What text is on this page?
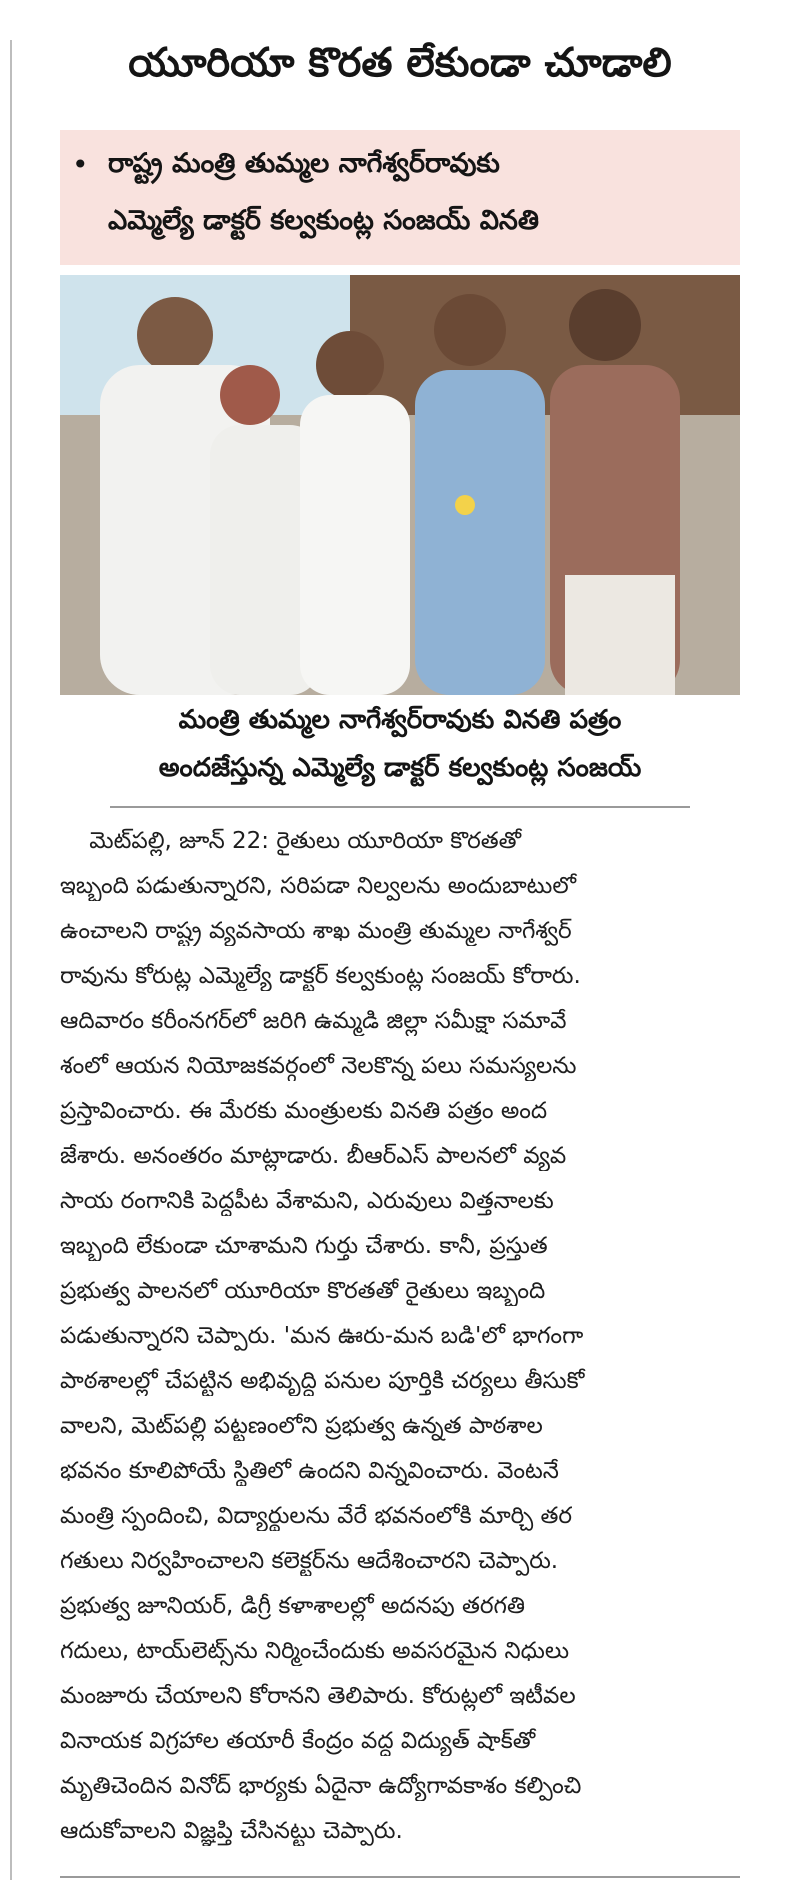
యూరియా కొరత లేకుండా చూడాలి
• రాష్ట్ర మంత్రి తుమ్మల నాగేశ్వర్‌రావుకు
ఎమ్మెల్యే డాక్టర్ కల్వకుంట్ల సంజయ్ వినతి
మంత్రి తుమ్మల నాగేశ్వర్‌రావుకు వినతి పత్రం
అందజేస్తున్న ఎమ్మెల్యే డాక్టర్ కల్వకుంట్ల సంజయ్
మెట్‌పల్లి, జూన్ 22: రైతులు యూరియా కొరతతో
ఇబ్బంది పడుతున్నారని, సరిపడా నిల్వలను అందుబాటులో
ఉంచాలని రాష్ట్ర వ్యవసాయ శాఖ మంత్రి తుమ్మల నాగేశ్వర్
రావును కోరుట్ల ఎమ్మెల్యే డాక్టర్ కల్వకుంట్ల సంజయ్ కోరారు.
ఆదివారం కరీంనగర్‌లో జరిగి ఉమ్మడి జిల్లా సమీక్షా సమావే
శంలో ఆయన నియోజకవర్గంలో నెలకొన్న పలు సమస్యలను
ప్రస్తావించారు. ఈ మేరకు మంత్రులకు వినతి పత్రం అంద
జేశారు. అనంతరం మాట్లాడారు. బీఆర్ఎస్ పాలనలో వ్యవ
సాయ రంగానికి పెద్దపీట వేశామని, ఎరువులు విత్తనాలకు
ఇబ్బంది లేకుండా చూశామని గుర్తు చేశారు. కానీ, ప్రస్తుత
ప్రభుత్వ పాలనలో యూరియా కొరతతో రైతులు ఇబ్బంది
పడుతున్నారని చెప్పారు. 'మన ఊరు-మన బడి'లో భాగంగా
పాఠశాలల్లో చేపట్టిన అభివృద్ధి పనుల పూర్తికి చర్యలు తీసుకో
వాలని, మెట్‌పల్లి పట్టణంలోని ప్రభుత్వ ఉన్నత పాఠశాల
భవనం కూలిపోయే స్థితిలో ఉందని విన్నవించారు. వెంటనే
మంత్రి స్పందించి, విద్యార్థులను వేరే భవనంలోకి మార్చి తర
గతులు నిర్వహించాలని కలెక్టర్‌ను ఆదేశించారని చెప్పారు.
ప్రభుత్వ జూనియర్, డిగ్రీ కళాశాలల్లో అదనపు తరగతి
గదులు, టాయ్‌లెట్స్‌ను నిర్మించేందుకు అవసరమైన నిధులు
మంజూరు చేయాలని కోరానని తెలిపారు. కోరుట్లలో ఇటీవల
వినాయక విగ్రహాల తయారీ కేంద్రం వద్ద విద్యుత్ షాక్‌తో
మృతిచెందిన వినోద్ భార్యకు ఏదైనా ఉద్యోగావకాశం కల్పించి
ఆదుకోవాలని విజ్ఞప్తి చేసినట్టు చెప్పారు.
